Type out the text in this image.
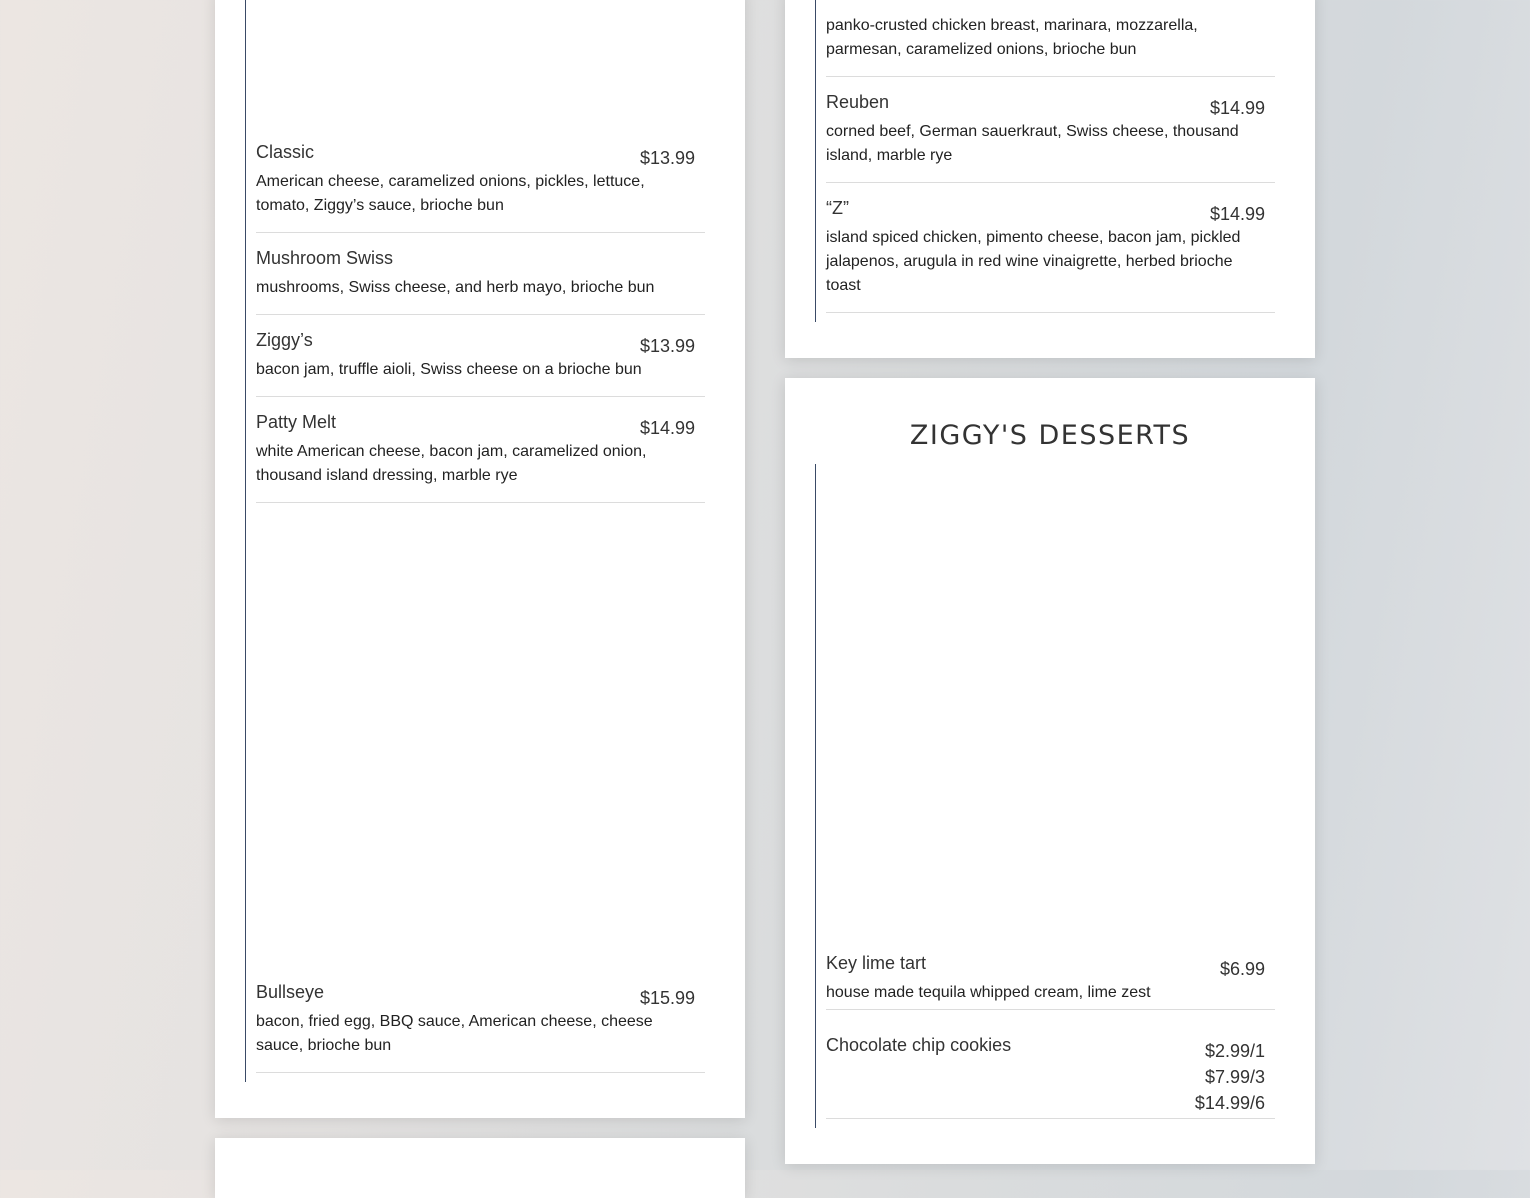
Classic	$13.99
American cheese, caramelized onions, pickles, lettuce, tomato, Ziggy’s sauce, brioche bun
Mushroom Swiss
mushrooms, Swiss cheese, and herb mayo, brioche bun
Ziggy’s	$13.99
bacon jam, truffle aioli, Swiss cheese on a brioche bun
Patty Melt	$14.99
white American cheese, bacon jam, caramelized onion, thousand island dressing, marble rye
Bullseye	$15.99
bacon, fried egg, BBQ sauce, American cheese, cheese sauce, brioche bun
panko-crusted chicken breast, marinara, mozzarella, parmesan, caramelized onions, brioche bun
Reuben	$14.99
corned beef, German sauerkraut, Swiss cheese, thousand island, marble rye
“Z”	$14.99
island spiced chicken, pimento cheese, bacon jam, pickled jalapenos, arugula in red wine vinaigrette, herbed brioche toast
ZIGGY'S DESSERTS
Key lime tart	$6.99
house made tequila whipped cream, lime zest
Chocolate chip cookies	$2.99/1
$7.99/3
$14.99/6
